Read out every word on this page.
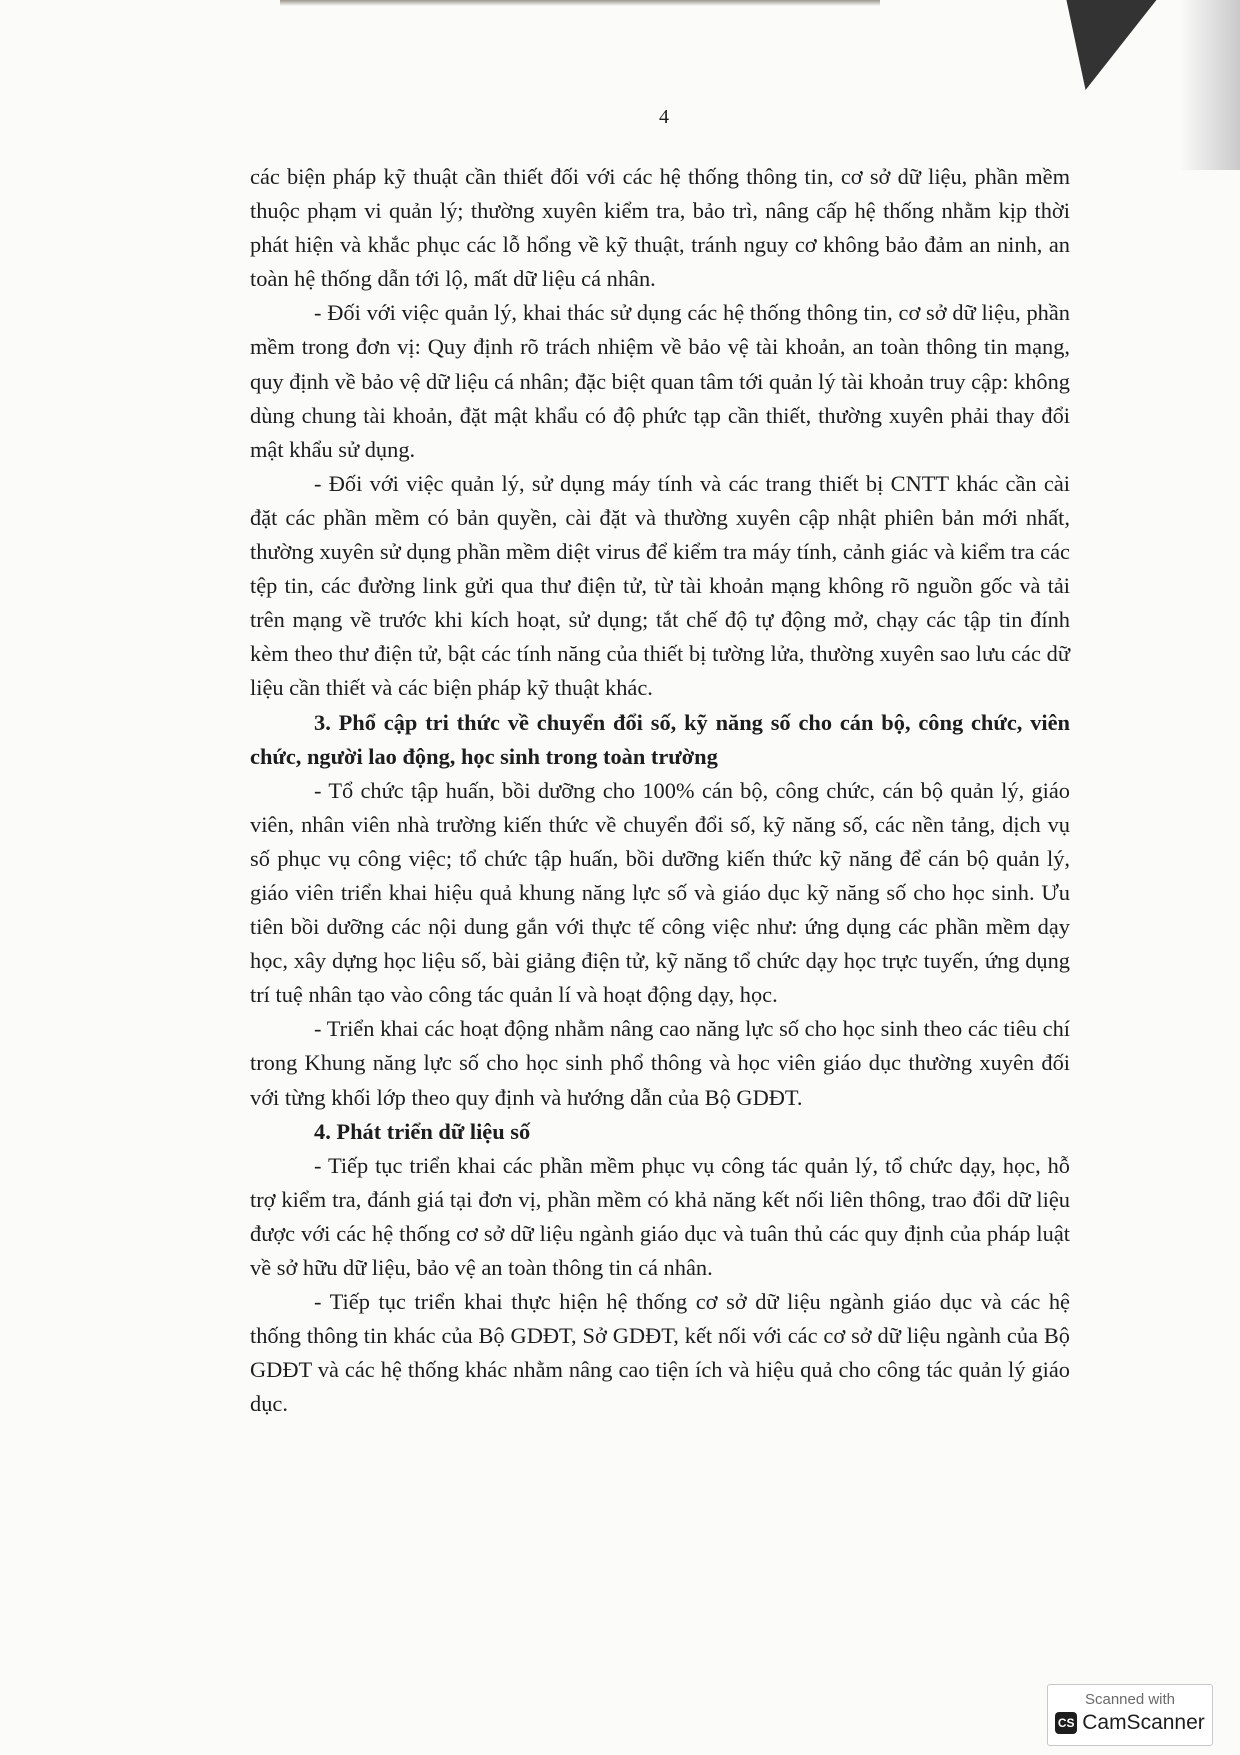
4

các biện pháp kỹ thuật cần thiết đối với các hệ thống thông tin, cơ sở dữ liệu, phần mềm thuộc phạm vi quản lý; thường xuyên kiểm tra, bảo trì, nâng cấp hệ thống nhằm kịp thời phát hiện và khắc phục các lỗ hổng về kỹ thuật, tránh nguy cơ không bảo đảm an ninh, an toàn hệ thống dẫn tới lộ, mất dữ liệu cá nhân.

- Đối với việc quản lý, khai thác sử dụng các hệ thống thông tin, cơ sở dữ liệu, phần mềm trong đơn vị: Quy định rõ trách nhiệm về bảo vệ tài khoản, an toàn thông tin mạng, quy định về bảo vệ dữ liệu cá nhân; đặc biệt quan tâm tới quản lý tài khoản truy cập: không dùng chung tài khoản, đặt mật khẩu có độ phức tạp cần thiết, thường xuyên phải thay đổi mật khẩu sử dụng.

- Đối với việc quản lý, sử dụng máy tính và các trang thiết bị CNTT khác cần cài đặt các phần mềm có bản quyền, cài đặt và thường xuyên cập nhật phiên bản mới nhất, thường xuyên sử dụng phần mềm diệt virus để kiểm tra máy tính, cảnh giác và kiểm tra các tệp tin, các đường link gửi qua thư điện tử, từ tài khoản mạng không rõ nguồn gốc và tải trên mạng về trước khi kích hoạt, sử dụng; tắt chế độ tự động mở, chạy các tập tin đính kèm theo thư điện tử, bật các tính năng của thiết bị tường lửa, thường xuyên sao lưu các dữ liệu cần thiết và các biện pháp kỹ thuật khác.

3. Phổ cập tri thức về chuyển đổi số, kỹ năng số cho cán bộ, công chức, viên chức, người lao động, học sinh trong toàn trường

- Tổ chức tập huấn, bồi dưỡng cho 100% cán bộ, công chức, cán bộ quản lý, giáo viên, nhân viên nhà trường kiến thức về chuyển đổi số, kỹ năng số, các nền tảng, dịch vụ số phục vụ công việc; tổ chức tập huấn, bồi dưỡng kiến thức kỹ năng để cán bộ quản lý, giáo viên triển khai hiệu quả khung năng lực số và giáo dục kỹ năng số cho học sinh. Ưu tiên bồi dưỡng các nội dung gắn với thực tế công việc như: ứng dụng các phần mềm dạy học, xây dựng học liệu số, bài giảng điện tử, kỹ năng tổ chức dạy học trực tuyến, ứng dụng trí tuệ nhân tạo vào công tác quản lí và hoạt động dạy, học.

- Triển khai các hoạt động nhằm nâng cao năng lực số cho học sinh theo các tiêu chí trong Khung năng lực số cho học sinh phổ thông và học viên giáo dục thường xuyên đối với từng khối lớp theo quy định và hướng dẫn của Bộ GDĐT.

4. Phát triển dữ liệu số

- Tiếp tục triển khai các phần mềm phục vụ công tác quản lý, tổ chức dạy, học, hỗ trợ kiểm tra, đánh giá tại đơn vị, phần mềm có khả năng kết nối liên thông, trao đổi dữ liệu được với các hệ thống cơ sở dữ liệu ngành giáo dục và tuân thủ các quy định của pháp luật về sở hữu dữ liệu, bảo vệ an toàn thông tin cá nhân.

- Tiếp tục triển khai thực hiện hệ thống cơ sở dữ liệu ngành giáo dục và các hệ thống thông tin khác của Bộ GDĐT, Sở GDĐT, kết nối với các cơ sở dữ liệu ngành của Bộ GDĐT và các hệ thống khác nhằm nâng cao tiện ích và hiệu quả cho công tác quản lý giáo dục.

Scanned with
CS CamScanner
